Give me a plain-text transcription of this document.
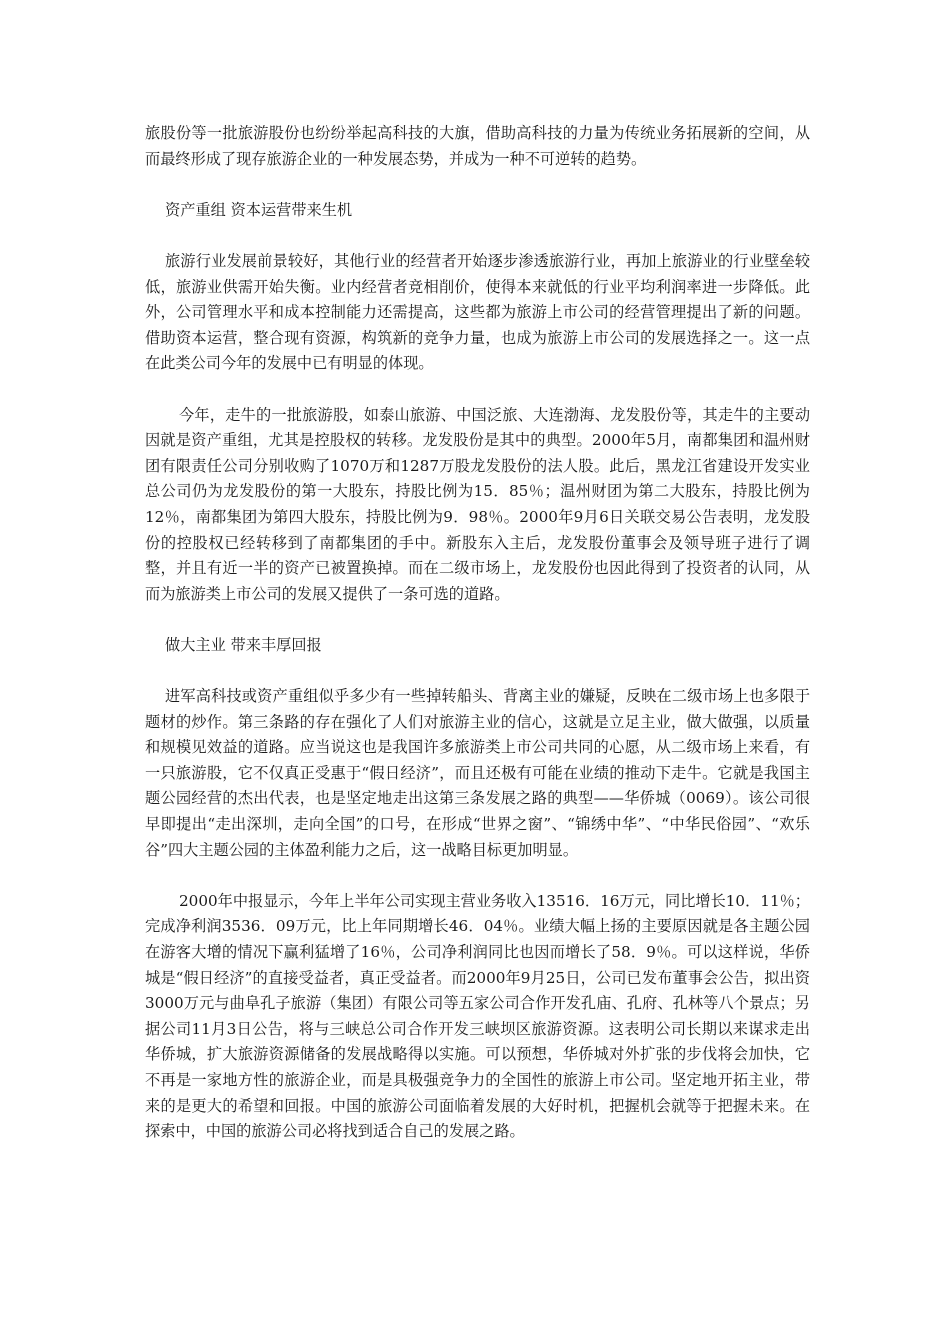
旅股份等一批旅游股份也纷纷举起高科技的大旗，借助高科技的力量为传统业务拓展新的空间，从而最终形成了现存旅游企业的一种发展态势，并成为一种不可逆转的趋势。

资产重组 资本运营带来生机

旅游行业发展前景较好，其他行业的经营者开始逐步渗透旅游行业，再加上旅游业的行业壁垒较低，旅游业供需开始失衡。业内经营者竞相削价，使得本来就低的行业平均利润率进一步降低。此外，公司管理水平和成本控制能力还需提高，这些都为旅游上市公司的经营管理提出了新的问题。借助资本运营，整合现有资源，构筑新的竞争力量，也成为旅游上市公司的发展选择之一。这一点在此类公司今年的发展中已有明显的体现。

今年，走牛的一批旅游股，如泰山旅游、中国泛旅、大连渤海、龙发股份等，其走牛的主要动因就是资产重组，尤其是控股权的转移。龙发股份是其中的典型。2000年5月，南都集团和温州财团有限责任公司分别收购了1070万和1287万股龙发股份的法人股。此后，黑龙江省建设开发实业总公司仍为龙发股份的第一大股东，持股比例为15．85％；温州财团为第二大股东，持股比例为12％，南都集团为第四大股东，持股比例为9．98％。2000年9月6日关联交易公告表明，龙发股份的控股权已经转移到了南都集团的手中。新股东入主后，龙发股份董事会及领导班子进行了调整，并且有近一半的资产已被置换掉。而在二级市场上，龙发股份也因此得到了投资者的认同，从而为旅游类上市公司的发展又提供了一条可选的道路。

做大主业 带来丰厚回报

进军高科技或资产重组似乎多少有一些掉转船头、背离主业的嫌疑，反映在二级市场上也多限于题材的炒作。第三条路的存在强化了人们对旅游主业的信心，这就是立足主业，做大做强，以质量和规模见效益的道路。应当说这也是我国许多旅游类上市公司共同的心愿，从二级市场上来看，有一只旅游股，它不仅真正受惠于“假日经济”，而且还极有可能在业绩的推动下走牛。它就是我国主题公园经营的杰出代表，也是坚定地走出这第三条发展之路的典型——华侨城（0069）。该公司很早即提出“走出深圳，走向全国”的口号，在形成“世界之窗”、“锦绣中华”、“中华民俗园”、“欢乐谷”四大主题公园的主体盈利能力之后，这一战略目标更加明显。

2000年中报显示，今年上半年公司实现主营业务收入13516．16万元，同比增长10．11％；完成净利润3536．09万元，比上年同期增长46．04％。业绩大幅上扬的主要原因就是各主题公园在游客大增的情况下赢利猛增了16％，公司净利润同比也因而增长了58．9％。可以这样说，华侨城是“假日经济”的直接受益者，真正受益者。而2000年9月25日，公司已发布董事会公告，拟出资3000万元与曲阜孔子旅游（集团）有限公司等五家公司合作开发孔庙、孔府、孔林等八个景点；另据公司11月3日公告，将与三峡总公司合作开发三峡坝区旅游资源。这表明公司长期以来谋求走出华侨城，扩大旅游资源储备的发展战略得以实施。可以预想，华侨城对外扩张的步伐将会加快，它不再是一家地方性的旅游企业，而是具极强竞争力的全国性的旅游上市公司。坚定地开拓主业，带来的是更大的希望和回报。中国的旅游公司面临着发展的大好时机，把握机会就等于把握未来。在探索中，中国的旅游公司必将找到适合自己的发展之路。
